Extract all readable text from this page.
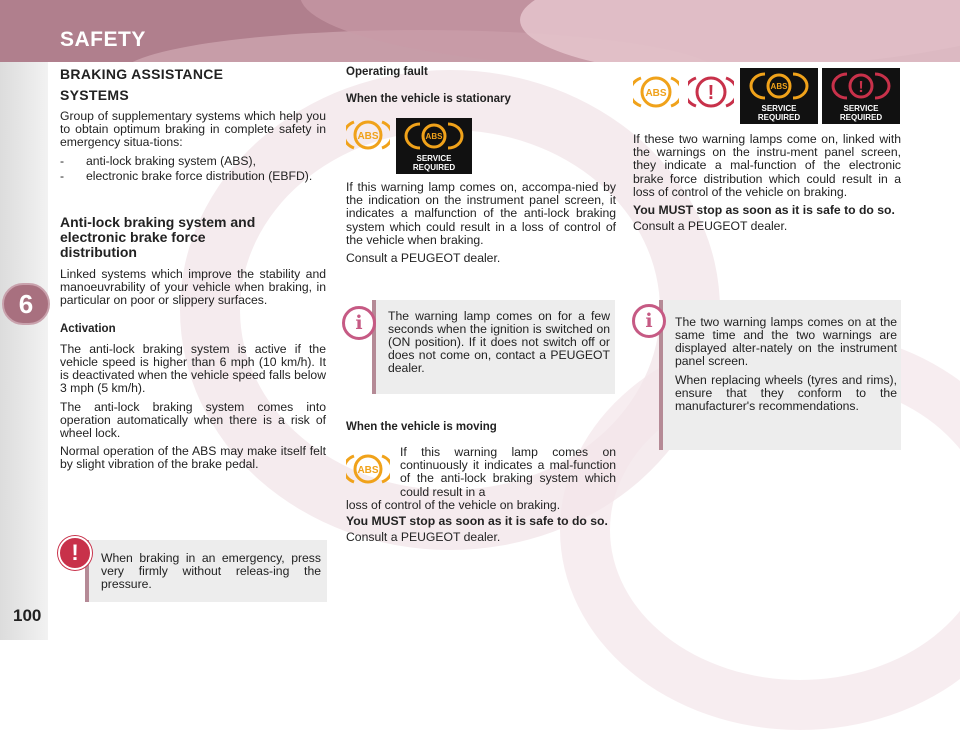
SAFETY
6
100
BRAKING ASSISTANCE SYSTEMS

Group of supplementary systems which help you to obtain optimum braking in complete safety in emergency situa-tions:

-	anti-lock braking system (ABS),
-	electronic brake force distribution (EBFD).
Anti-lock braking system and electronic brake force distribution

Linked systems which improve the stability and manoeuvrability of your vehicle when braking, in particular on poor or slippery surfaces.

Activation

The anti-lock braking system is active if the vehicle speed is higher than 6 mph (10 km/h). It is deactivated when the vehicle speed falls below 3 mph (5 km/h).

The anti-lock braking system comes into operation automatically when there is a risk of wheel lock.

Normal operation of the ABS may make itself felt by slight vibration of the brake pedal.

When braking in an emergency, press very firmly without releas-ing the pressure.
!
Operating fault
When the vehicle is stationary
ABS	ABS
SERVICE REQUIRED

If this warning lamp comes on, accompa-nied by the indication on the instrument panel screen, it indicates a malfunction of the anti-lock braking system which could result in a loss of control of the vehicle when braking.

Consult a PEUGEOT dealer.

The warning lamp comes on for a few seconds when the ignition is switched on (ON position). If it does not switch off or does not come on, contact a PEUGEOT dealer.
i
When the vehicle is moving
ABS
If this warning lamp comes on continuously it indicates a mal-function of the anti-lock braking system which could result in a

loss of control of the vehicle on braking.

You MUST stop as soon as it is safe to do so.

Consult a PEUGEOT dealer.

ABS !	ABS
SERVICE REQUIRED
!
SERVICE REQUIRED

If these two warning lamps come on, linked with the warnings on the instru-ment panel screen, they indicate a mal-function of the electronic brake force distribution which could result in a loss of control of the vehicle on braking.

You MUST stop as soon as it is safe to do so.

Consult a PEUGEOT dealer.

The two warning lamps comes on at the same time and the two warnings are displayed alter-nately on the instrument panel screen.

When replacing wheels (tyres and rims), ensure that they conform to the manufacturer's recommendations.

i
